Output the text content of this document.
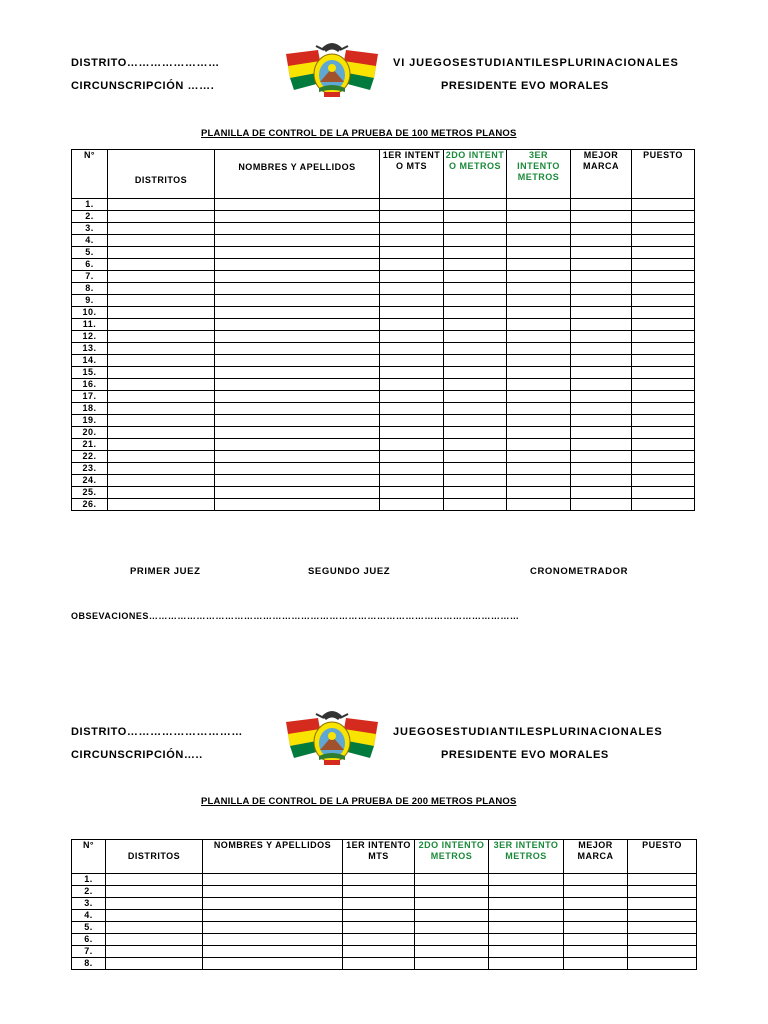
DISTRITO……………………
CIRCUNSCRIPCIÓN …….
VI JUEGOSESTUDIANTILESPLURINACIONALES
PRESIDENTE EVO MORALES
PLANILLA DE CONTROL DE LA PRUEBA DE 100 METROS PLANOS
N°	DISTRITOS	NOMBRES Y APELLIDOS	1ER INTENT O MTS	2DO INTENT O METROS	3ER INTENTO METROS	MEJOR MARCA	PUESTO
1.							
2.							
3.							
4.							
5.							
6.							
7.							
8.							
9.							
10.							
11.							
12.							
13.							
14.							
15.							
16.							
17.							
18.							
19.							
20.							
21.							
22.							
23.							
24.							
25.							
26.							
PRIMER JUEZ	SEGUNDO JUEZ	CRONOMETRADOR
OBSEVACIONES………………………………………………………………………………………………………
DISTRITO…………………………
CIRCUNSCRIPCIÓN…..
JUEGOSESTUDIANTILESPLURINACIONALES
PRESIDENTE EVO MORALES
PLANILLA DE CONTROL DE LA PRUEBA DE 200 METROS PLANOS
N°	DISTRITOS	NOMBRES Y APELLIDOS	1ER INTENTO MTS	2DO INTENTO METROS	3ER INTENTO METROS	MEJOR MARCA	PUESTO
1.							
2.							
3.							
4.							
5.							
6.							
7.							
8.							
